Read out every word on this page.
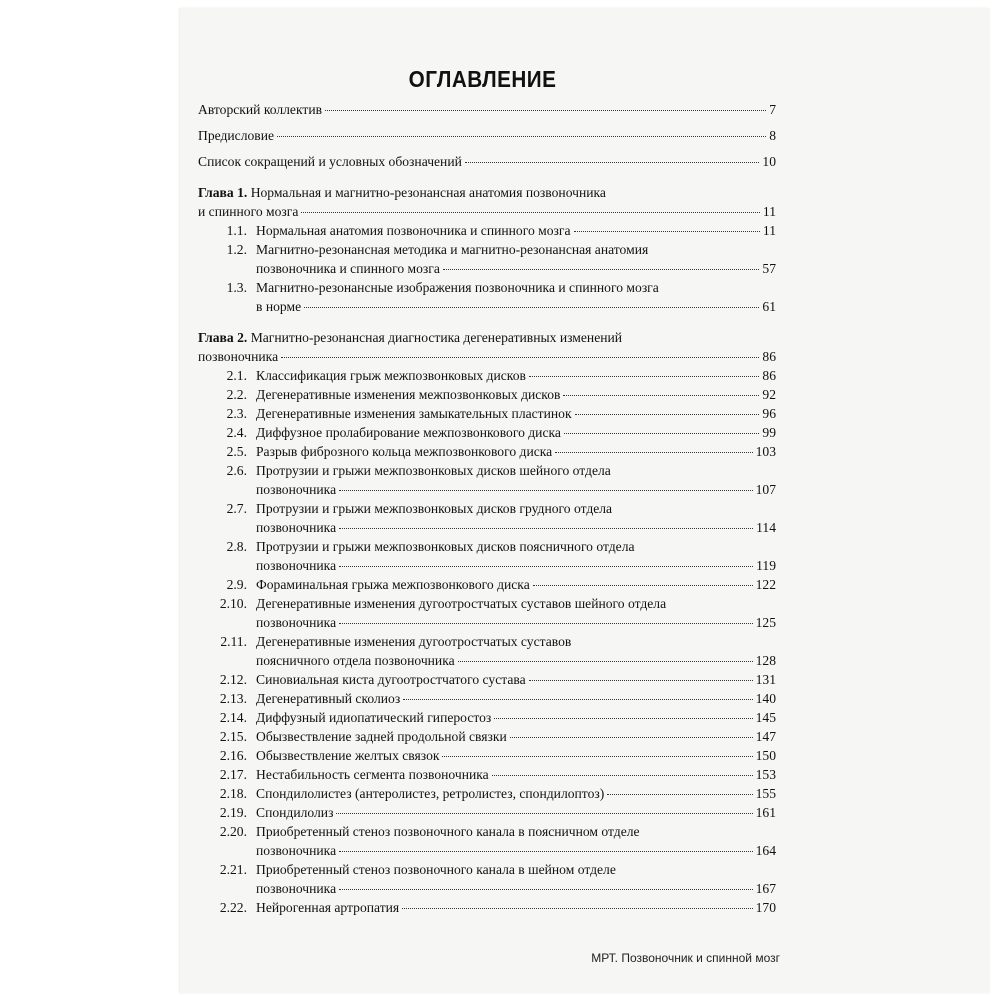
ОГЛАВЛЕНИЕ
Авторский коллектив	7
Предисловие	8
Список сокращений и условных обозначений	10
Глава 1. Нормальная и магнитно-резонансная анатомия позвоночника
и спинного мозга	11
1.1. Нормальная анатомия позвоночника и спинного мозга	11
1.2. Магнитно-резонансная методика и магнитно-резонансная анатомия
позвоночника и спинного мозга	57
1.3. Магнитно-резонансные изображения позвоночника и спинного мозга
в норме	61
Глава 2. Магнитно-резонансная диагностика дегенеративных изменений
позвоночника	86
2.1. Классификация грыж межпозвонковых дисков	86
2.2. Дегенеративные изменения межпозвонковых дисков	92
2.3. Дегенеративные изменения замыкательных пластинок	96
2.4. Диффузное пролабирование межпозвонкового диска	99
2.5. Разрыв фиброзного кольца межпозвонкового диска	103
2.6. Протрузии и грыжи межпозвонковых дисков шейного отдела
позвоночника	107
2.7. Протрузии и грыжи межпозвонковых дисков грудного отдела
позвоночника	114
2.8. Протрузии и грыжи межпозвонковых дисков поясничного отдела
позвоночника	119
2.9. Фораминальная грыжа межпозвонкового диска	122
2.10. Дегенеративные изменения дугоотростчатых суставов шейного отдела
позвоночника	125
2.11. Дегенеративные изменения дугоотростчатых суставов
поясничного отдела позвоночника	128
2.12. Синовиальная киста дугоотростчатого сустава	131
2.13. Дегенеративный сколиоз	140
2.14. Диффузный идиопатический гиперостоз	145
2.15. Обызвествление задней продольной связки	147
2.16. Обызвествление желтых связок	150
2.17. Нестабильность сегмента позвоночника	153
2.18. Спондилолистез (антеролистез, ретролистез, спондилоптоз)	155
2.19. Спондилолиз	161
2.20. Приобретенный стеноз позвоночного канала в поясничном отделе
позвоночника	164
2.21. Приобретенный стеноз позвоночного канала в шейном отделе
позвоночника	167
2.22. Нейрогенная артропатия	170
МРТ. Позвоночник и спинной мозг
